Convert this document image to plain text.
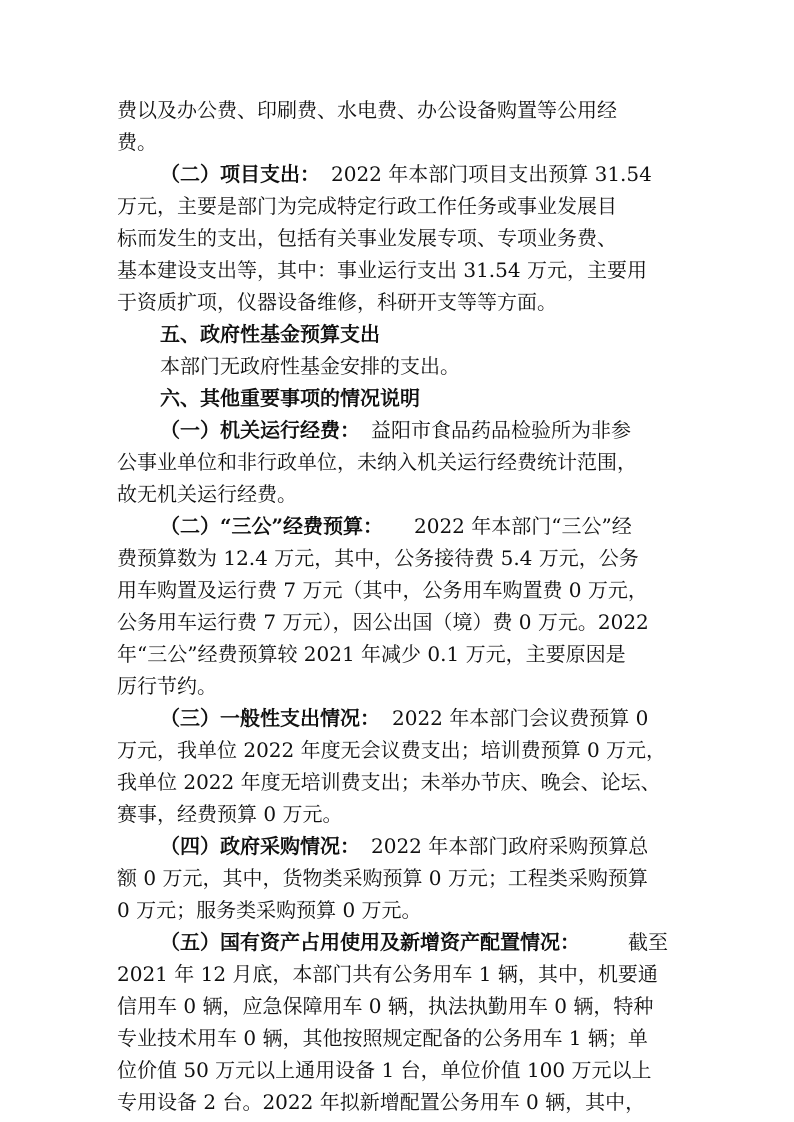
费以及办公费、印刷费、水电费、办公设备购置等公用经
费。
（二）项目支出： 2022 年本部门项目支出预算 31.54
万元，主要是部门为完成特定行政工作任务或事业发展目
标而发生的支出，包括有关事业发展专项、专项业务费、
基本建设支出等，其中：事业运行支出 31.54 万元，主要用
于资质扩项，仪器设备维修，科研开支等等方面。
五、政府性基金预算支出
本部门无政府性基金安排的支出。
六、其他重要事项的情况说明
（一）机关运行经费： 益阳市食品药品检验所为非参
公事业单位和非行政单位，未纳入机关运行经费统计范围，
故无机关运行经费。
（二）“三公”经费预算： 2022 年本部门“三公”经
费预算数为 12.4 万元，其中，公务接待费 5.4 万元，公务
用车购置及运行费 7 万元（其中，公务用车购置费 0 万元，
公务用车运行费 7 万元），因公出国（境）费 0 万元。2022
年“三公”经费预算较 2021 年减少 0.1 万元，主要原因是
厉行节约。
（三）一般性支出情况： 2022 年本部门会议费预算 0
万元，我单位 2022 年度无会议费支出；培训费预算 0 万元，
我单位 2022 年度无培训费支出；未举办节庆、晚会、论坛、
赛事，经费预算 0 万元。
（四）政府采购情况： 2022 年本部门政府采购预算总
额 0 万元，其中，货物类采购预算 0 万元；工程类采购预算
0 万元；服务类采购预算 0 万元。
（五）国有资产占用使用及新增资产配置情况： 截至
2021 年 12 月底，本部门共有公务用车 1 辆，其中，机要通
信用车 0 辆，应急保障用车 0 辆，执法执勤用车 0 辆，特种
专业技术用车 0 辆，其他按照规定配备的公务用车 1 辆；单
位价值 50 万元以上通用设备 1 台，单位价值 100 万元以上
专用设备 2 台。2022 年拟新增配置公务用车 0 辆，其中，
